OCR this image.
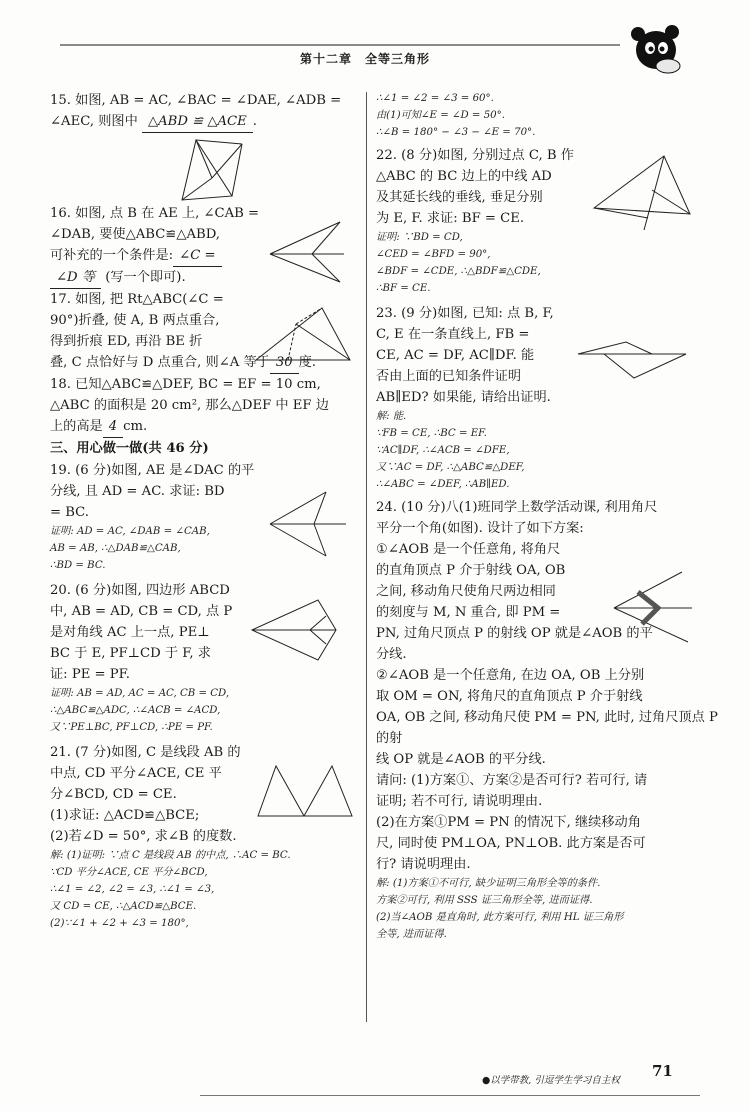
第十二章　全等三角形

15. 如图, AB = AC, ∠BAC = ∠DAE, ∠ADB =

∠AEC, 则图中 △ABD ≌ △ACE .

16. 如图, 点 B 在 AE 上, ∠CAB =

∠DAB, 要使△ABC≌△ABD,

可补充的一个条件是: ∠C =

∠D 等 (写一个即可).

17. 如图, 把 Rt△ABC(∠C =

90°)折叠, 使 A, B 两点重合,

得到折痕 ED, 再沿 BE 折

叠, C 点恰好与 D 点重合, 则∠A 等于 30 度.

18. 已知△ABC≌△DEF, BC = EF = 10 cm,

△ABC 的面积是 20 cm², 那么△DEF 中 EF 边

上的高是 4 cm.

三、用心做一做(共 46 分)

19. (6 分)如图, AE 是∠DAC 的平

分线, 且 AD = AC. 求证: BD

= BC.

证明: AD = AC, ∠DAB = ∠CAB,

AB = AB, ∴△DAB≌△CAB,

∴BD = BC.

20. (6 分)如图, 四边形 ABCD

中, AB = AD, CB = CD, 点 P

是对角线 AC 上一点, PE⊥

BC 于 E, PF⊥CD 于 F, 求

证: PE = PF.

证明: AB = AD, AC = AC, CB = CD,

∴△ABC≌△ADC, ∴∠ACB = ∠ACD,

又∵PE⊥BC, PF⊥CD, ∴PE = PF.

21. (7 分)如图, C 是线段 AB 的

中点, CD 平分∠ACE, CE 平

分∠BCD, CD = CE.

(1)求证: △ACD≌△BCE;

(2)若∠D = 50°, 求∠B 的度数.

解: (1)证明: ∵点 C 是线段 AB 的中点, ∴AC = BC.

∵CD 平分∠ACE, CE 平分∠BCD,

∴∠1 = ∠2, ∠2 = ∠3, ∴∠1 = ∠3,

又 CD = CE, ∴△ACD≌△BCE.

(2)∵∠1 + ∠2 + ∠3 = 180°,

∴∠1 = ∠2 = ∠3 = 60°.

由(1)可知∠E = ∠D = 50°.

∴∠B = 180° − ∠3 − ∠E = 70°.

22. (8 分)如图, 分别过点 C, B 作

△ABC 的 BC 边上的中线 AD

及其延长线的垂线, 垂足分别

为 E, F. 求证: BF = CE.

证明: ∵BD = CD,

∠CED = ∠BFD = 90°,

∠BDF = ∠CDE, ∴△BDF≌△CDE,

∴BF = CE.

23. (9 分)如图, 已知: 点 B, F,

C, E 在一条直线上, FB =

CE, AC = DF, AC∥DF. 能

否由上面的已知条件证明

AB∥ED? 如果能, 请给出证明.

解: 能.

∵FB = CE, ∴BC = EF.

∵AC∥DF, ∴∠ACB = ∠DFE,

又∵AC = DF, ∴△ABC≌△DEF,

∴∠ABC = ∠DEF, ∴AB∥ED.

24. (10 分)八(1)班同学上数学活动课, 利用角尺

平分一个角(如图). 设计了如下方案:

①∠AOB 是一个任意角, 将角尺

的直角顶点 P 介于射线 OA, OB

之间, 移动角尺使角尺两边相同

的刻度与 M, N 重合, 即 PM =

PN, 过角尺顶点 P 的射线 OP 就是∠AOB 的平

分线.

②∠AOB 是一个任意角, 在边 OA, OB 上分别

取 OM = ON, 将角尺的直角顶点 P 介于射线

OA, OB 之间, 移动角尺使 PM = PN, 此时, 过角尺顶点 P 的射

线 OP 就是∠AOB 的平分线.

请问: (1)方案①、方案②是否可行? 若可行, 请

证明; 若不可行, 请说明理由.

(2)在方案①PM = PN 的情况下, 继续移动角

尺, 同时使 PM⊥OA, PN⊥OB. 此方案是否可

行? 请说明理由.

解: (1)方案①不可行, 缺少证明三角形全等的条件.

方案②可行, 利用 SSS 证三角形全等, 进而证得.

(2)当∠AOB 是直角时, 此方案可行, 利用 HL 证三角形

全等, 进而证得.

●以学带教, 引逗学生学习自主权
71
